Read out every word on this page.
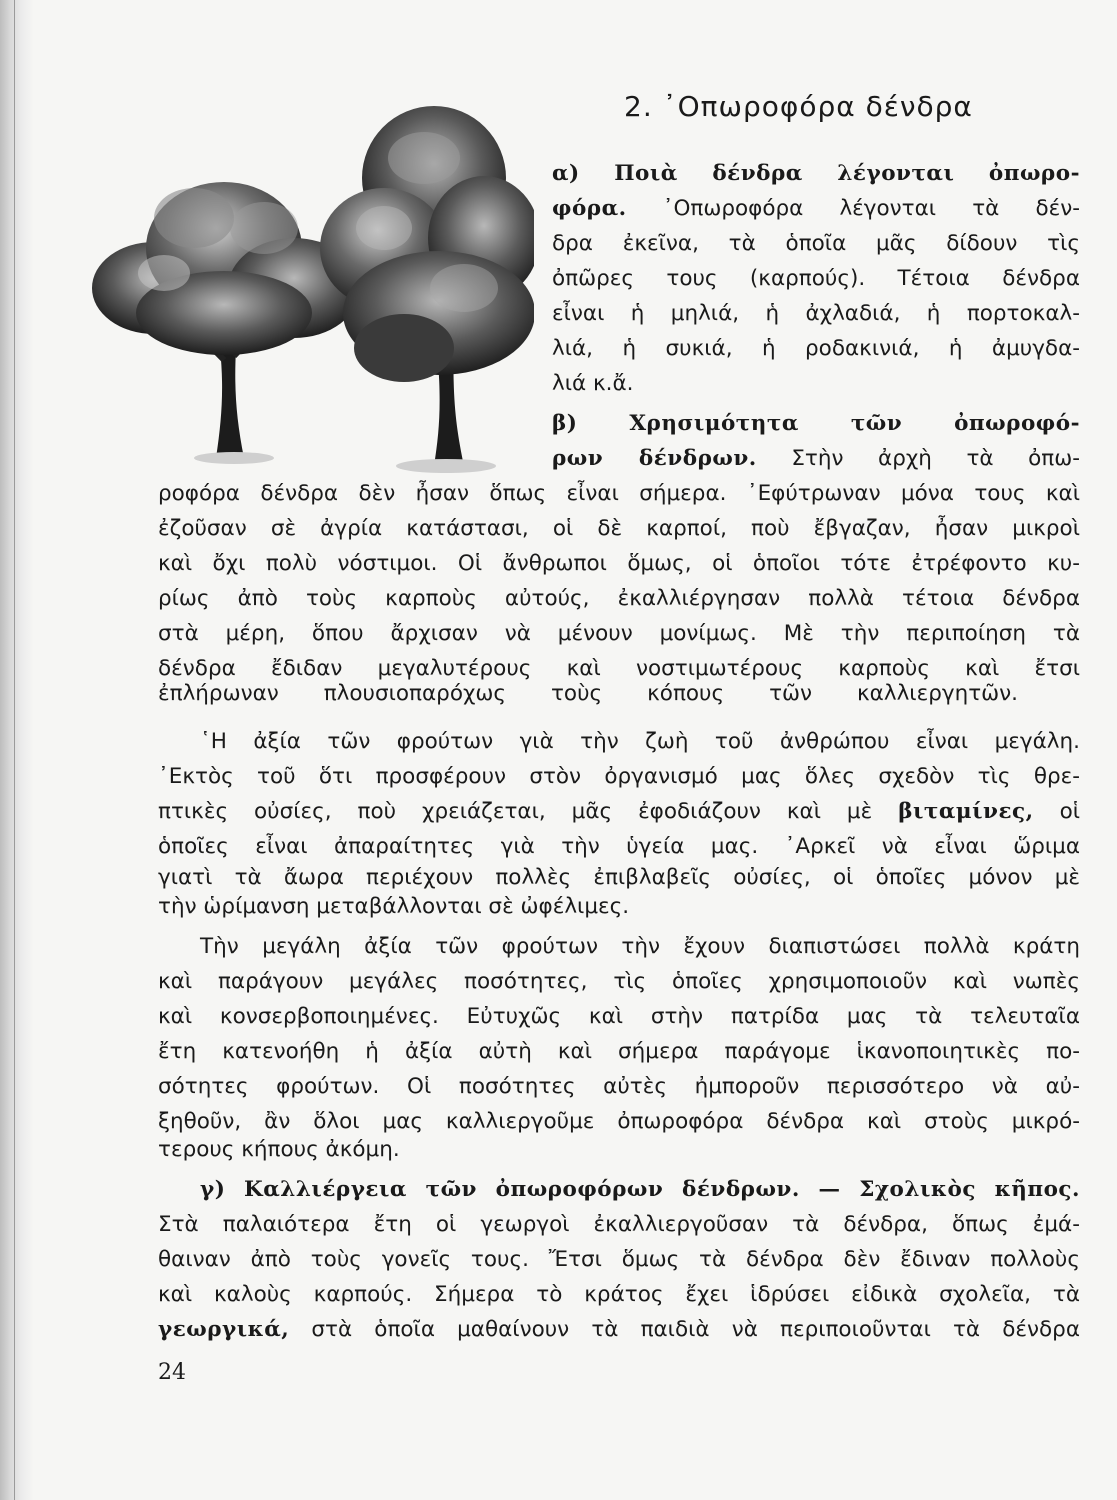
2. ᾿Οπωροφόρα δένδρα
α) Ποιὰ δένδρα λέγονται ὀπωρο-
φόρα. ᾿Οπωροφόρα λέγονται τὰ δέν-
δρα ἐκεῖνα, τὰ ὁποῖα μᾶς δίδουν τὶς
ὀπῶρες τους (καρπούς). Τέτοια δένδρα
εἶναι ἡ μηλιά, ἡ ἀχλαδιά, ἡ πορτοκαλ-
λιά, ἡ συκιά, ἡ ροδακινιά, ἡ ἀμυγδα-
λιά κ.ἄ.
β) Χρησιμότητα τῶν ὀπωροφό-
ρων δένδρων. Στὴν ἀρχὴ τὰ ὀπω-
ροφόρα δένδρα δὲν ἦσαν ὅπως εἶναι σήμερα. ᾿Εφύτρωναν μόνα τους καὶ
ἐζοῦσαν σὲ ἀγρία κατάστασι, οἱ δὲ καρποί, ποὺ ἔβγαζαν, ἦσαν μικροὶ
καὶ ὄχι πολὺ νόστιμοι. Οἱ ἄνθρωποι ὅμως, οἱ ὁποῖοι τότε ἐτρέφοντο κυ-
ρίως ἀπὸ τοὺς καρποὺς αὐτούς, ἐκαλλιέργησαν πολλὰ τέτοια δένδρα
στὰ μέρη, ὅπου ἄρχισαν νὰ μένουν μονίμως. Μὲ τὴν περιποίηση τὰ
δένδρα ἔδιδαν μεγαλυτέρους καὶ νοστιμωτέρους καρποὺς καὶ ἔτσι
ἐπλήρωναν πλουσιοπαρόχως τοὺς κόπους τῶν καλλιεργητῶν.
῾Η ἀξία τῶν φρούτων γιὰ τὴν ζωὴ τοῦ ἀνθρώπου εἶναι μεγάλη.
᾿Εκτὸς τοῦ ὅτι προσφέρουν στὸν ὀργανισμό μας ὅλες σχεδὸν τὶς θρε-
πτικὲς οὐσίες, ποὺ χρειάζεται, μᾶς ἐφοδιάζουν καὶ μὲ βιταμίνες, οἱ
ὁποῖες εἶναι ἀπαραίτητες γιὰ τὴν ὑγεία μας. ᾿Αρκεῖ νὰ εἶναι ὥριμα
γιατὶ τὰ ἄωρα περιέχουν πολλὲς ἐπιβλαβεῖς οὐσίες, οἱ ὁποῖες μόνον μὲ
τὴν ὡρίμανση μεταβάλλονται σὲ ὠφέλιμες.
Τὴν μεγάλη ἀξία τῶν φρούτων τὴν ἔχουν διαπιστώσει πολλὰ κράτη
καὶ παράγουν μεγάλες ποσότητες, τὶς ὁποῖες χρησιμοποιοῦν καὶ νωπὲς
καὶ κονσερβοποιημένες. Εὐτυχῶς καὶ στὴν πατρίδα μας τὰ τελευταῖα
ἔτη κατενοήθη ἡ ἀξία αὐτὴ καὶ σήμερα παράγομε ἱκανοποιητικὲς πο-
σότητες φρούτων. Οἱ ποσότητες αὐτὲς ἠμποροῦν περισσότερο νὰ αὐ-
ξηθοῦν, ἂν ὅλοι μας καλλιεργοῦμε ὀπωροφόρα δένδρα καὶ στοὺς μικρό-
τερους κήπους ἀκόμη.
γ) Καλλιέργεια τῶν ὀπωροφόρων δένδρων. — Σχολικὸς κῆπος.
Στὰ παλαιότερα ἔτη οἱ γεωργοὶ ἐκαλλιεργοῦσαν τὰ δένδρα, ὅπως ἐμά-
θαιναν ἀπὸ τοὺς γονεῖς τους. Ἔτσι ὅμως τὰ δένδρα δὲν ἔδιναν πολλοὺς
καὶ καλοὺς καρπούς. Σήμερα τὸ κράτος ἔχει ἱδρύσει εἰδικὰ σχολεῖα, τὰ
γεωργικά, στὰ ὁποῖα μαθαίνουν τὰ παιδιὰ νὰ περιποιοῦνται τὰ δένδρα
24
